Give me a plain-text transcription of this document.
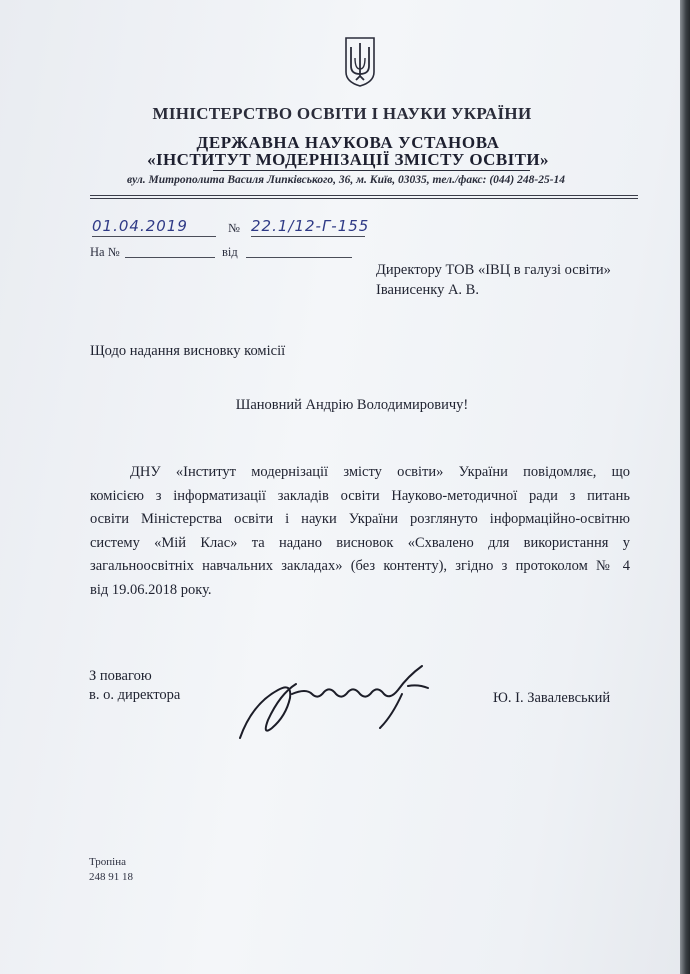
МІНІСТЕРСТВО ОСВІТИ І НАУКИ УКРАЇНИ
ДЕРЖАВНА НАУКОВА УСТАНОВА
«ІНСТИТУТ МОДЕРНІЗАЦІЇ ЗМІСТУ ОСВІТИ»
вул. Митрополита Василя Липківського, 36, м. Київ, 03035, тел./факс: (044) 248-25-14
01.04.2019	№ 22.1/12-Г-155
На №	від
Директору ТОВ «ІВЦ в галузі освіти»
Іванисенку А. В.
Щодо надання висновку комісії
Шановний Андрію Володимировичу!
ДНУ «Інститут модернізації змісту освіти» України повідомляє, що
комісією з інформатизації закладів освіти Науково-методичної ради з питань
освіти Міністерства освіти і науки України розглянуто інформаційно-освітню
систему «Мій Клас» та надано висновок «Схвалено для використання у
загальноосвітніх навчальних закладах» (без контенту), згідно з протоколом № 4
від 19.06.2018 року.
З повагою
в. о. директора	Ю. І. Завалевський
Тропіна
248 91 18
